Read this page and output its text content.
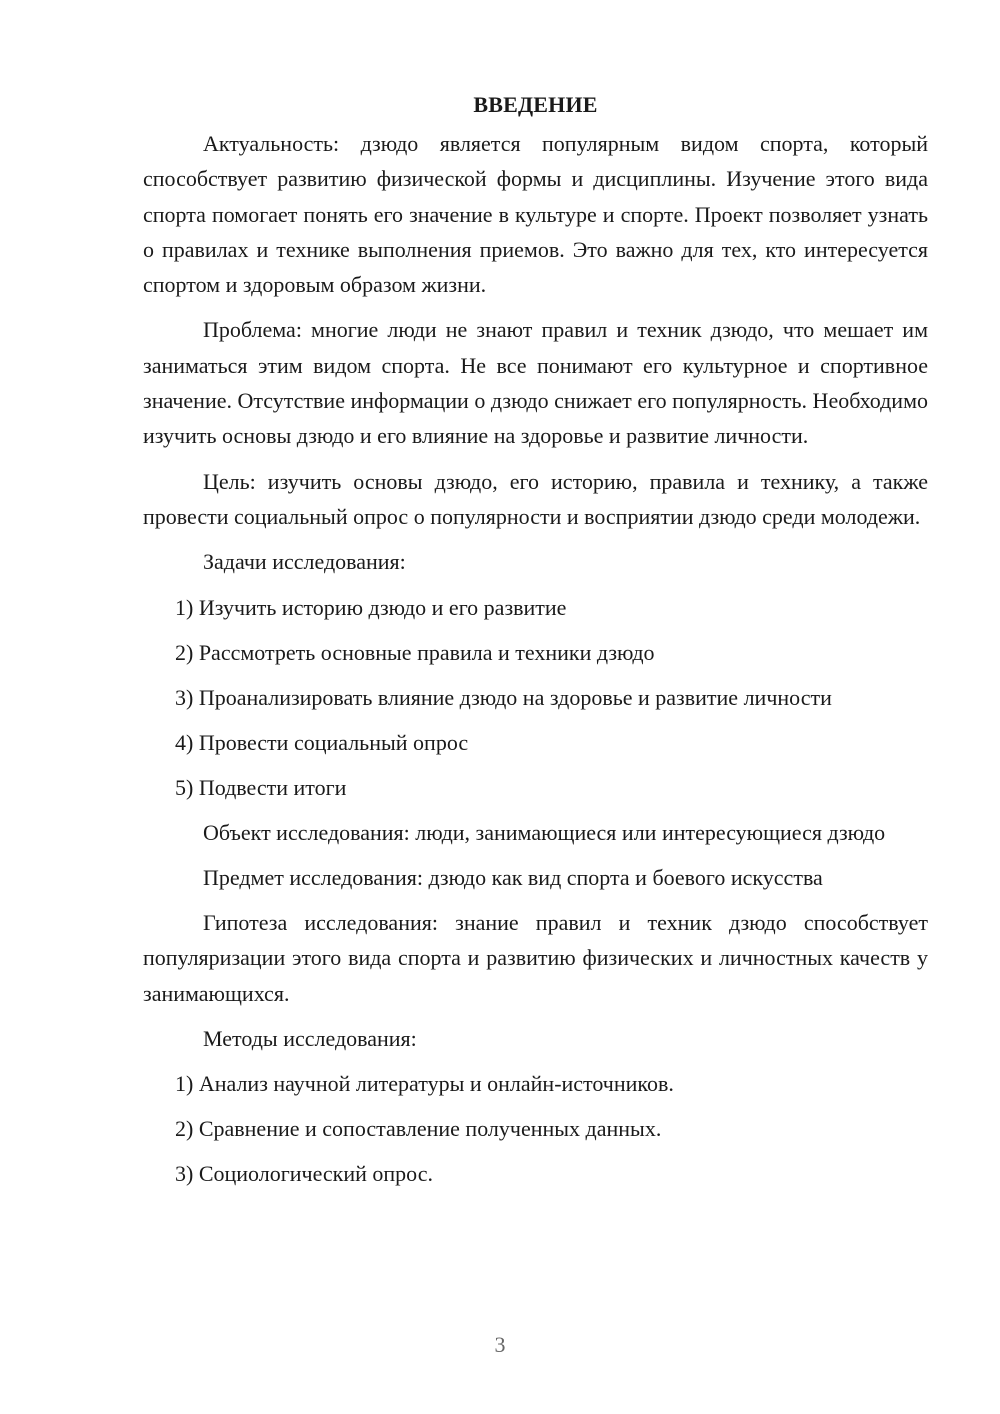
ВВЕДЕНИЕ

Актуальность: дзюдо является популярным видом спорта, который способствует развитию физической формы и дисциплины. Изучение этого вида спорта помогает понять его значение в культуре и спорте. Проект позволяет узнать о правилах и технике выполнения приемов. Это важно для тех, кто интересуется спортом и здоровым образом жизни.

Проблема: многие люди не знают правил и техник дзюдо, что мешает им заниматься этим видом спорта. Не все понимают его культурное и спортивное значение. Отсутствие информации о дзюдо снижает его популярность. Необходимо изучить основы дзюдо и его влияние на здоровье и развитие личности.

Цель: изучить основы дзюдо, его историю, правила и технику, а также провести социальный опрос о популярности и восприятии дзюдо среди молодежи.

Задачи исследования:

1) Изучить историю дзюдо и его развитие
2) Рассмотреть основные правила и техники дзюдо
3) Проанализировать влияние дзюдо на здоровье и развитие личности
4) Провести социальный опрос
5) Подвести итоги

Объект исследования: люди, занимающиеся или интересующиеся дзюдо

Предмет исследования: дзюдо как вид спорта и боевого искусства

Гипотеза исследования: знание правил и техник дзюдо способствует популяризации этого вида спорта и развитию физических и личностных качеств у занимающихся.

Методы исследования:

1) Анализ научной литературы и онлайн-источников.
2) Сравнение и сопоставление полученных данных.
3) Социологический опрос.
3
